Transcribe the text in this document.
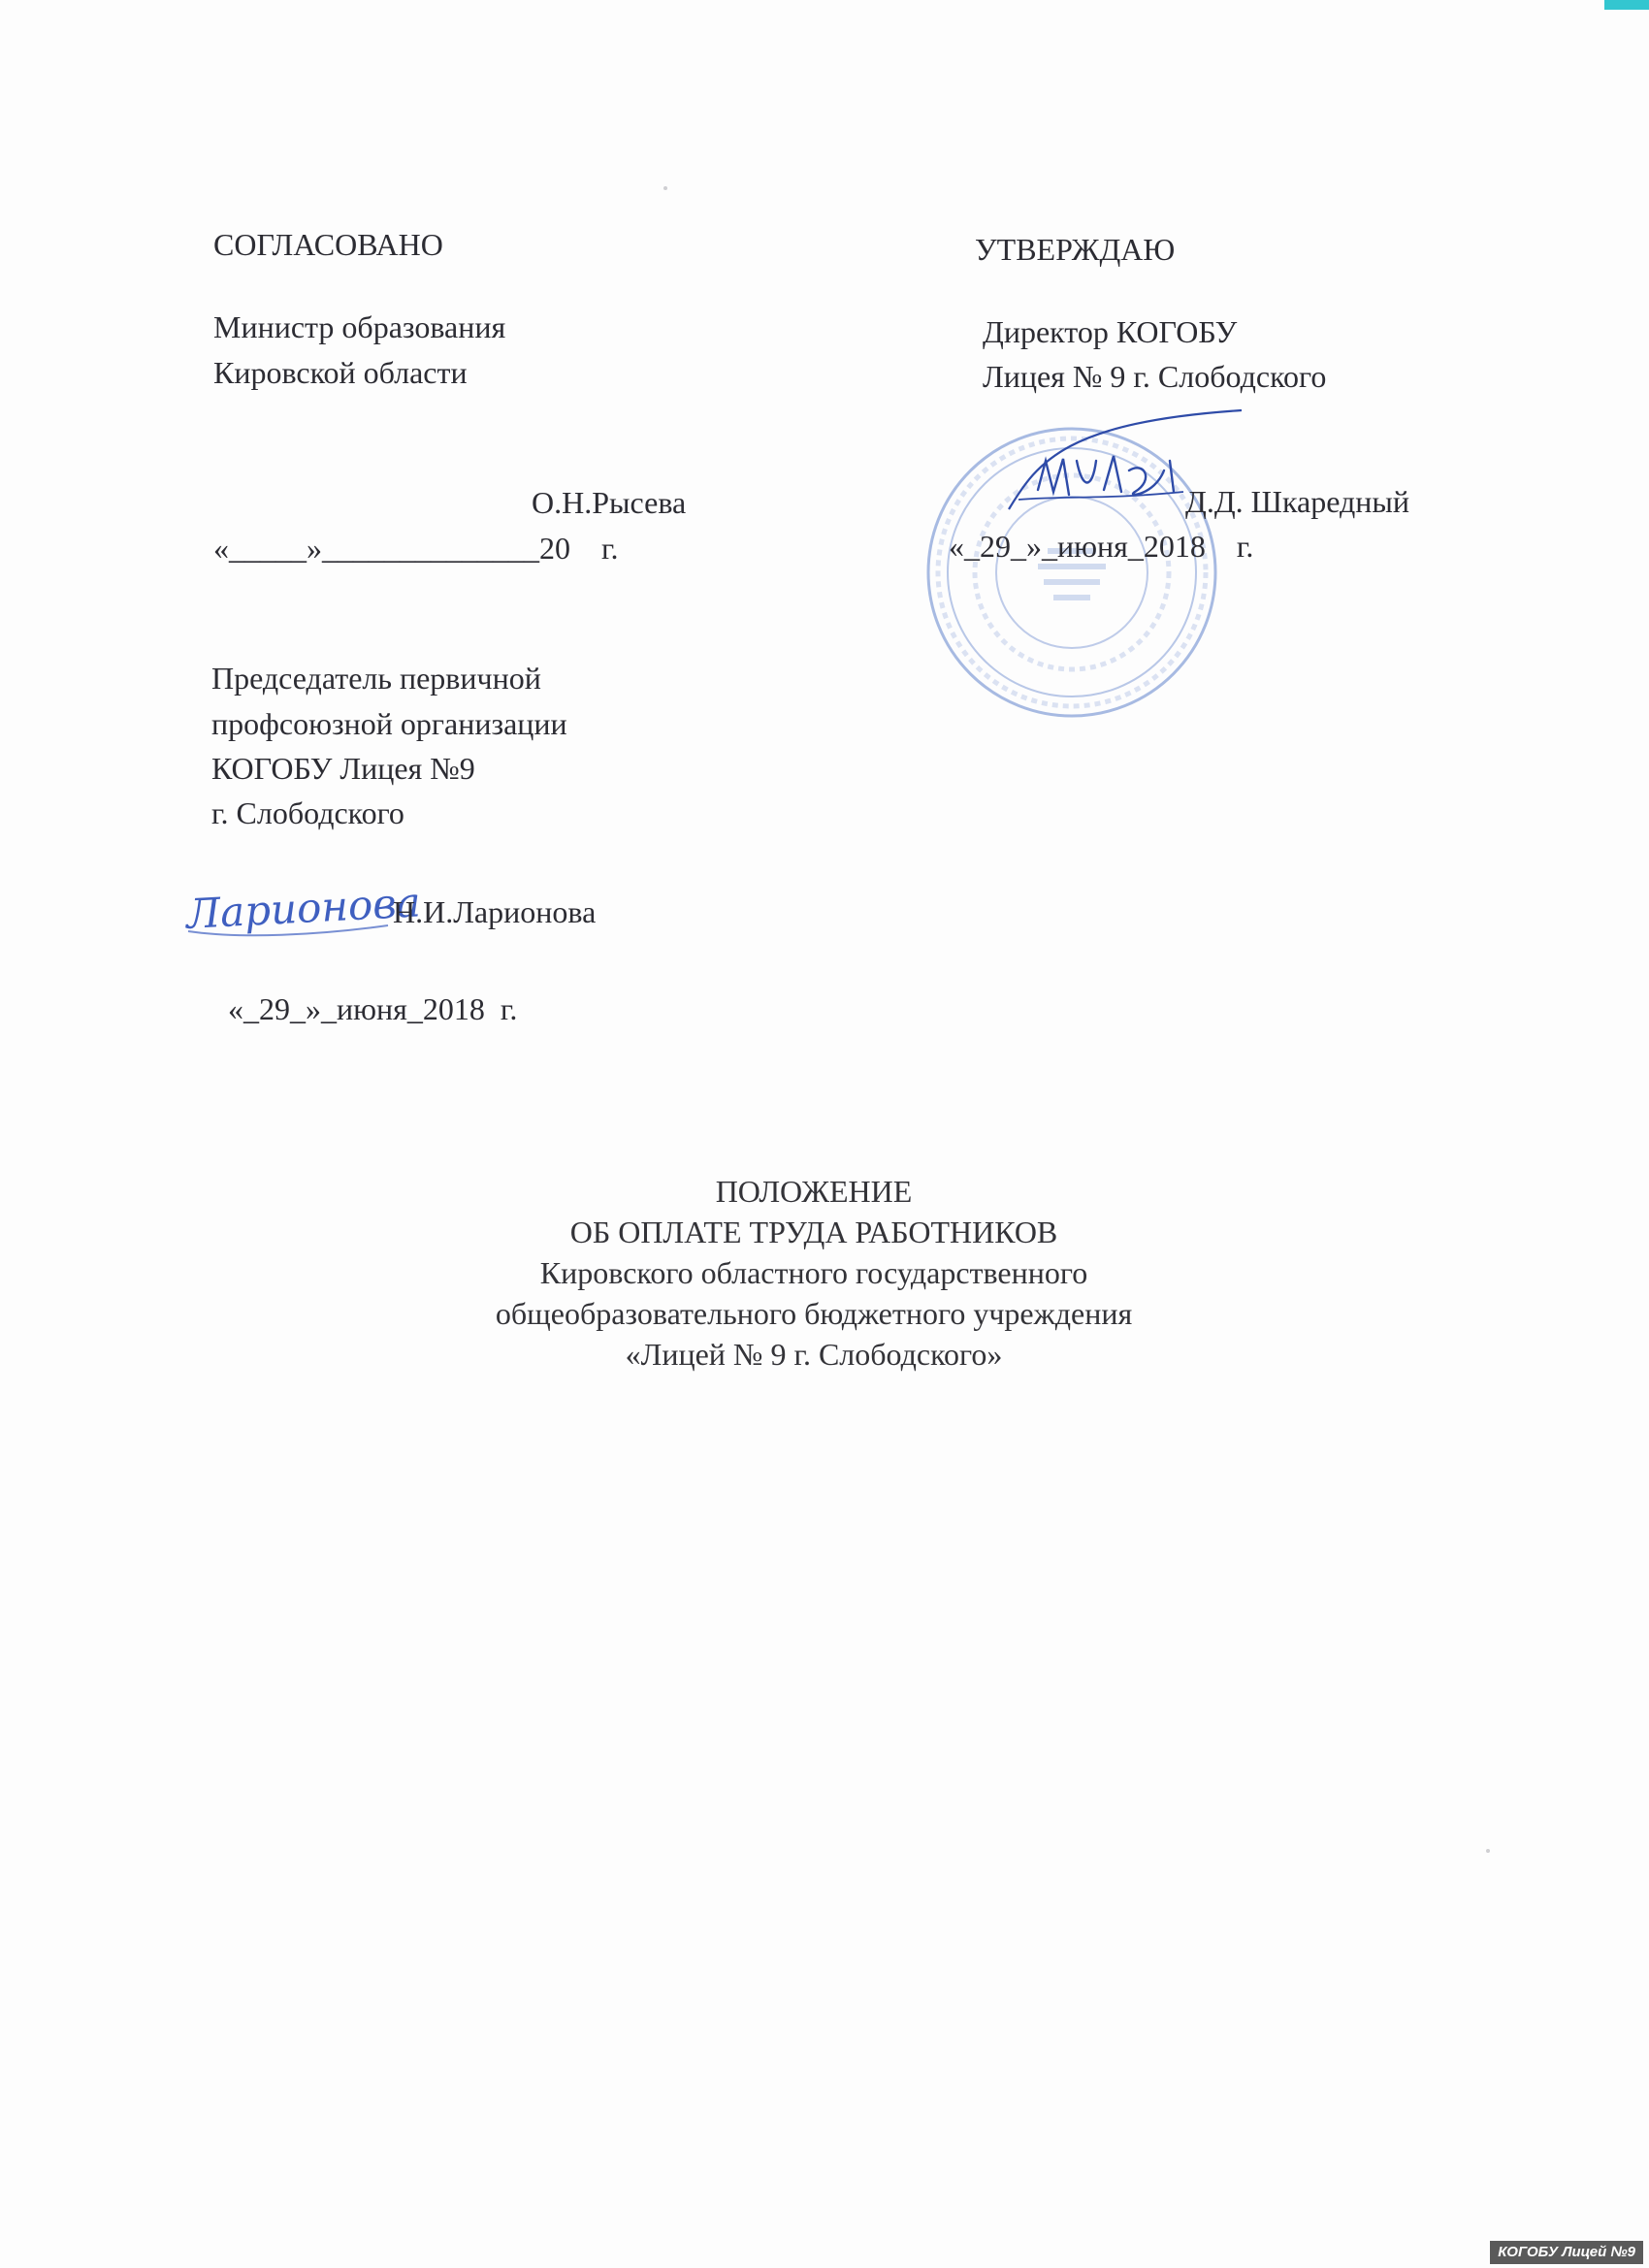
СОГЛАСОВАНО
Министр образования
Кировской области
О.Н.Рысева
«_____»______________20    г.
Председатель первичной
профсоюзной организации
КОГОБУ Лицея №9
г. Слободского
Ларионова
Н.И.Ларионова
«_29_»_июня_2018  г.
УТВЕРЖДАЮ
Директор КОГОБУ
Лицея № 9 г. Слободского
Д.Д. Шкаредный
«_29_»_июня_2018    г.
ПОЛОЖЕНИЕ
ОБ ОПЛАТЕ ТРУДА РАБОТНИКОВ
Кировского областного государственного
общеобразовательного бюджетного учреждения
«Лицей № 9 г. Слободского»
КОГОБУ Лицей №9
